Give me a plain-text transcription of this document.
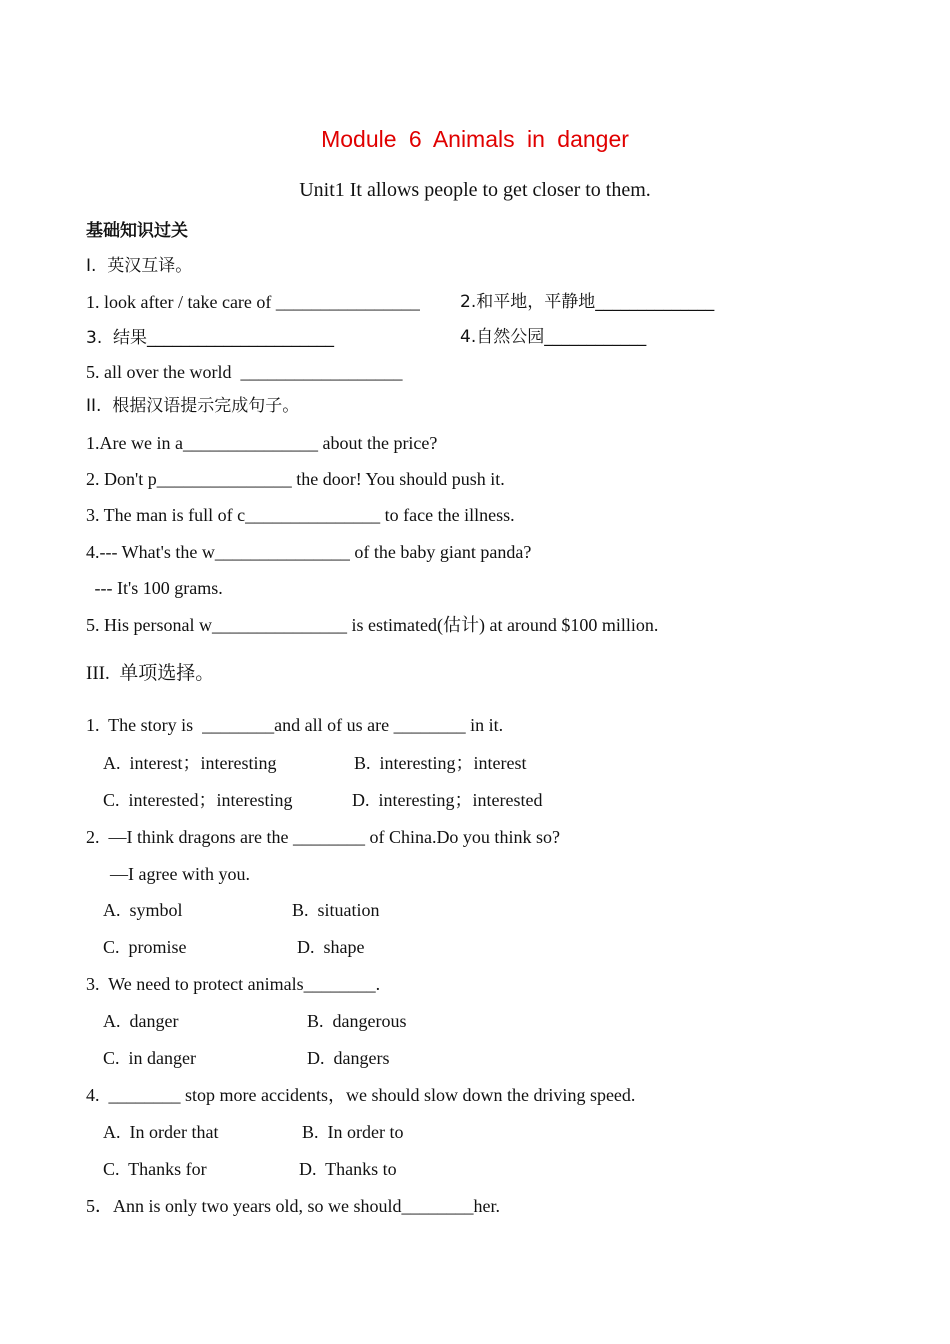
Module 6 Animals in danger
Unit1 It allows people to get closer to them.
基础知识过关
I.  英汉互译。
1. look after / take care of ________________ 2.和平地，平静地______________
3.  结果______________________	4.自然公园____________
5. all over the world  __________________
II.  根据汉语提示完成句子。
1.Are we in a_______________ about the price?
2. Don't p_______________ the door! You should push it.
3. The man is full of c_______________ to face the illness.
4.--- What's the w_______________ of the baby giant panda?
--- It's 100 grams.
5. His personal w_______________ is estimated(估计) at around $100 million.
III.  单项选择。
1.  The story is  ________and all of us are ________ in it.
A.  interest；interesting	B.  interesting；interest
C.  interested；interesting	D.  interesting；interested
2.  —I think dragons are the ________ of China.Do you think so?
—I agree with you.
A.  symbol	B.  situation
C.  promise	D.  shape
3.  We need to protect animals________.
A.  danger	B.  dangerous
C.  in danger	D.  dangers
4.  ________ stop more accidents，we should slow down the driving speed.
A.  In order that	B.  In order to
C.  Thanks for	D.  Thanks to
5．Ann is only two years old, so we should________her.
